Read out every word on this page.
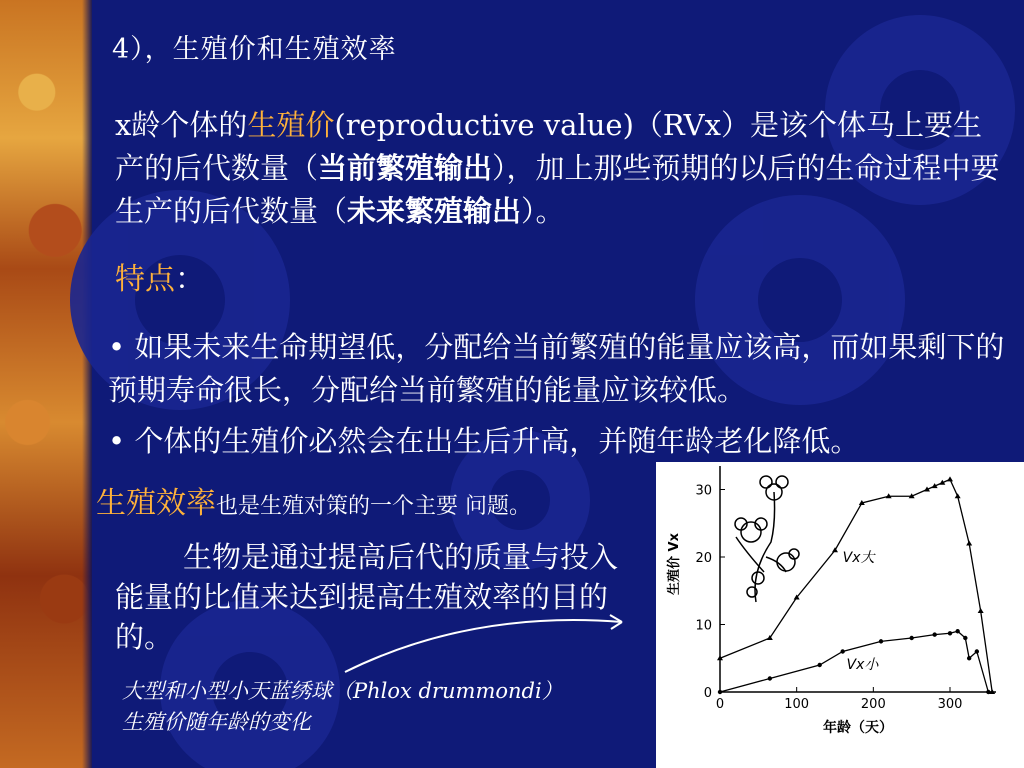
4），生殖价和生殖效率
x龄个体的生殖价(reproductive value)（RVx）是该个体马上要生产的后代数量（当前繁殖输出），加上那些预期的以后的生命过程中要生产的后代数量（未来繁殖输出）。
特点：
• 如果未来生命期望低，分配给当前繁殖的能量应该高，而如果剩下的预期寿命很长，分配给当前繁殖的能量应该较低。
• 个体的生殖价必然会在出生后升高，并随年龄老化降低。
生殖效率也是生殖对策的一个主要 问题。
生物是通过提高后代的质量与投入能量的比值来达到提高生殖效率的目的的。
大型和小型小天蓝绣球（Phlox drummondi）
生殖价随年龄的变化
0
10
20
30
0	100	200	300
年龄（天）
生殖价 Vx	Vx大
Vx小
